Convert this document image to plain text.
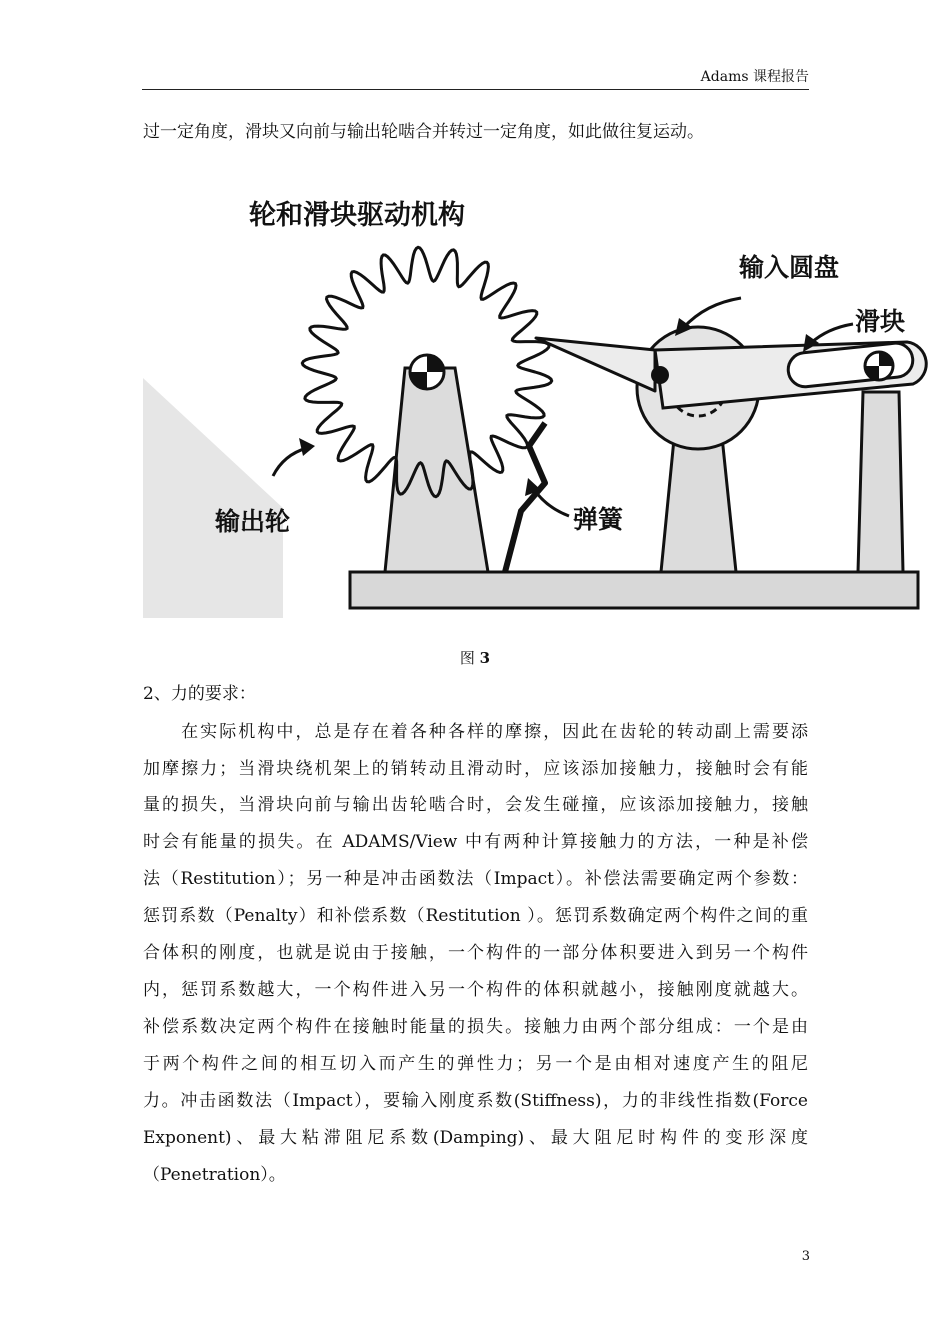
Adams 课程报告
过一定角度，滑块又向前与输出轮啮合并转过一定角度，如此做往复运动。
轮和滑块驱动机构
输入圆盘
滑块
输出轮	弹簧
图 3
2、力的要求：
　　在实际机构中，总是存在着各种各样的摩擦，因此在齿轮的转动副上需要添
加摩擦力；当滑块绕机架上的销转动且滑动时，应该添加接触力，接触时会有能
量的损失，当滑块向前与输出齿轮啮合时，会发生碰撞，应该添加接触力，接触
时会有能量的损失。在 ADAMS/View 中有两种计算接触力的方法，一种是补偿
法（Restitution）；另一种是冲击函数法（Impact）。补偿法需要确定两个参数：
惩罚系数（Penalty）和补偿系数（Restitution ）。惩罚系数确定两个构件之间的重
合体积的刚度，也就是说由于接触，一个构件的一部分体积要进入到另一个构件
内，惩罚系数越大，一个构件进入另一个构件的体积就越小，接触刚度就越大。
补偿系数决定两个构件在接触时能量的损失。接触力由两个部分组成：一个是由
于两个构件之间的相互切入而产生的弹性力；另一个是由相对速度产生的阻尼
力。冲击函数法（Impact），要输入刚度系数(Stiffness)，力的非线性指数(Force
Exponent)、最大粘滞阻尼系数(Damping)、最大阻尼时构件的变形深度
（Penetration）。
3
